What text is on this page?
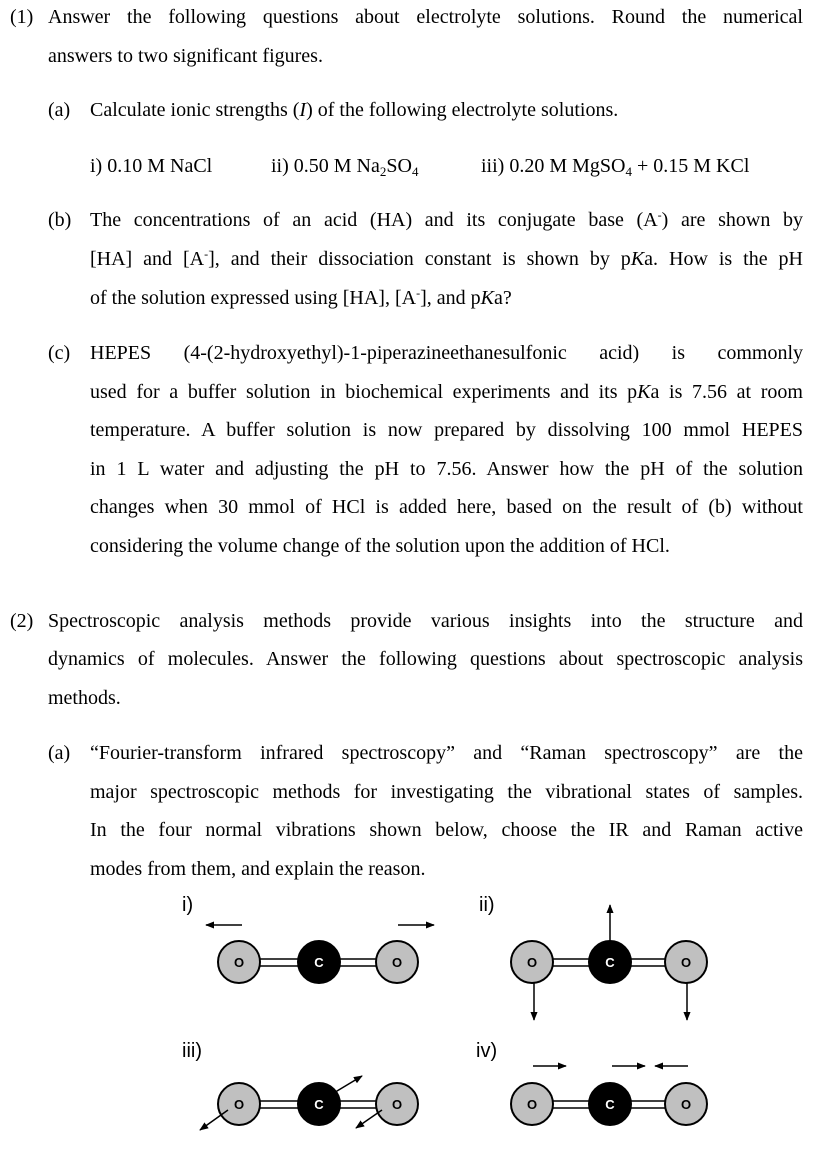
(1) Answer the following questions about electrolyte solutions. Round the numerical

answers to two significant figures.

(a) Calculate ionic strengths (I) of the following electrolyte solutions.

i) 0.10 M NaCl	ii) 0.50 M $Na_2SO_4$	iii) 0.20 M MgSO$_4$ + 0.15 M KCl
(b) The concentrations of an acid (HA) and its conjugate base (A-) are shown by

[HA] and [A-], and their dissociation constant is shown by pKa. How is the pH

of the solution expressed using [HA], [A-], and pKa?

(c) HEPES (4-(2-hydroxyethyl)-1-piperazineethanesulfonic acid) is commonly

used for a buffer solution in biochemical experiments and its pKa is 7.56 at room

temperature. A buffer solution is now prepared by dissolving 100 mmol HEPES

in 1 L water and adjusting the pH to 7.56. Answer how the pH of the solution

changes when 30 mmol of HCl is added here, based on the result of (b) without

considering the volume change of the solution upon the addition of HCl.

(2) Spectroscopic analysis methods provide various insights into the structure and

dynamics of molecules. Answer the following questions about spectroscopic analysis

methods.

(a) “Fourier-transform infrared spectroscopy” and “Raman spectroscopy” are the

major spectroscopic methods for investigating the vibrational states of samples.

In the four normal vibrations shown below, choose the IR and Raman active

modes from them, and explain the reason.

i)	ii)
iii)	iv)
O	C	O	O	C	O
O	C	O	O	C	O
